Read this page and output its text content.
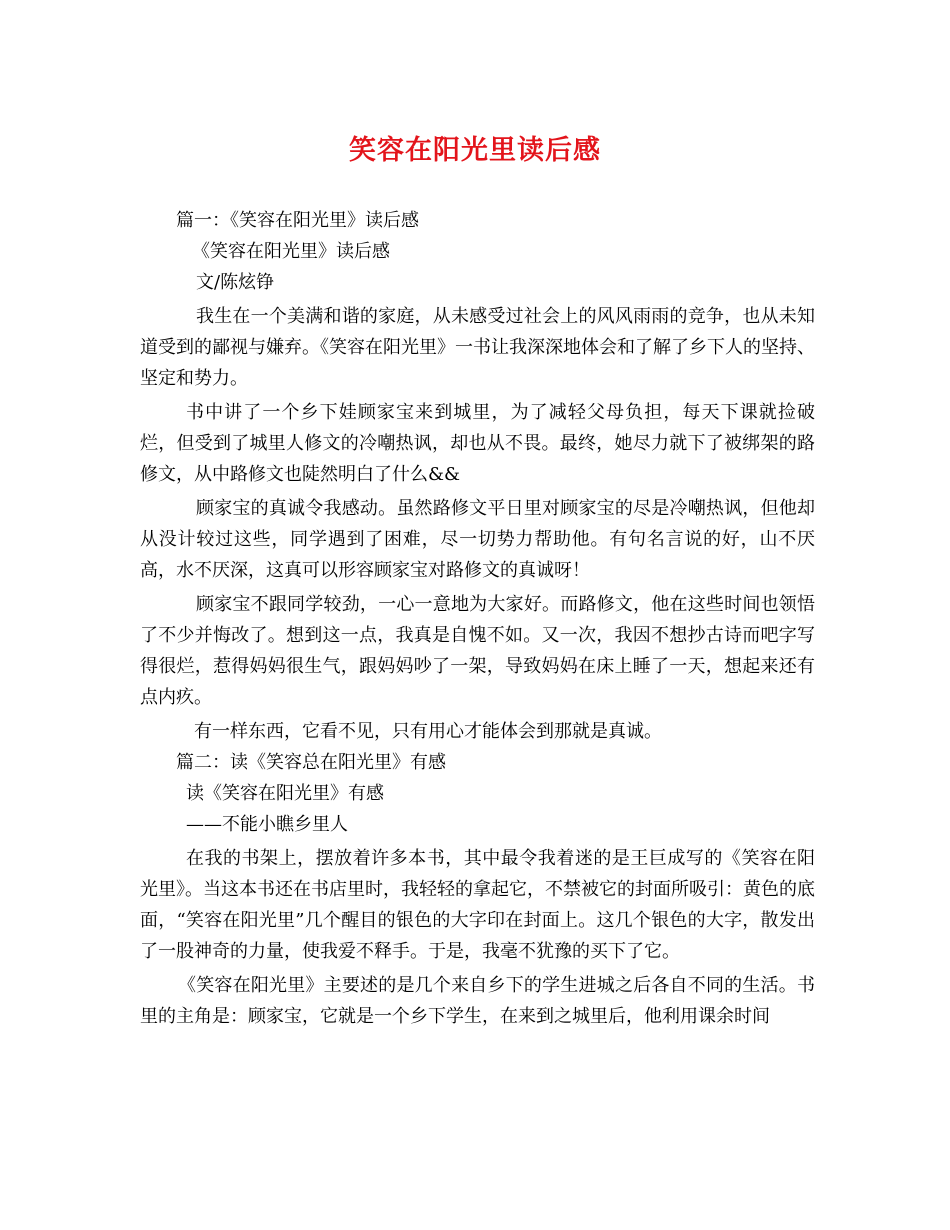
笑容在阳光里读后感

篇一：《笑容在阳光里》读后感

《笑容在阳光里》读后感

文/陈炫铮

我生在一个美满和谐的家庭，从未感受过社会上的风风雨雨的竞争，也从未知道受到的鄙视与嫌弃。《笑容在阳光里》一书让我深深地体会和了解了乡下人的坚持、坚定和势力。

书中讲了一个乡下娃顾家宝来到城里，为了减轻父母负担，每天下课就捡破烂，但受到了城里人修文的冷嘲热讽，却也从不畏。最终，她尽力就下了被绑架的路修文，从中路修文也陡然明白了什么&&

顾家宝的真诚令我感动。虽然路修文平日里对顾家宝的尽是冷嘲热讽，但他却从没计较过这些，同学遇到了困难，尽一切势力帮助他。有句名言说的好，山不厌高，水不厌深，这真可以形容顾家宝对路修文的真诚呀！

顾家宝不跟同学较劲，一心一意地为大家好。而路修文，他在这些时间也领悟了不少并悔改了。想到这一点，我真是自愧不如。又一次，我因不想抄古诗而吧字写得很烂，惹得妈妈很生气，跟妈妈吵了一架，导致妈妈在床上睡了一天，想起来还有点内疚。

有一样东西，它看不见，只有用心才能体会到那就是真诚。

篇二：读《笑容总在阳光里》有感

读《笑容在阳光里》有感

——不能小瞧乡里人

在我的书架上，摆放着许多本书，其中最令我着迷的是王巨成写的《笑容在阳光里》。当这本书还在书店里时，我轻轻的拿起它，不禁被它的封面所吸引：黄色的底面，“笑容在阳光里”几个醒目的银色的大字印在封面上。这几个银色的大字，散发出了一股神奇的力量，使我爱不释手。于是，我毫不犹豫的买下了它。

《笑容在阳光里》主要述的是几个来自乡下的学生进城之后各自不同的生活。书里的主角是：顾家宝，它就是一个乡下学生，在来到之城里后，他利用课余时间
